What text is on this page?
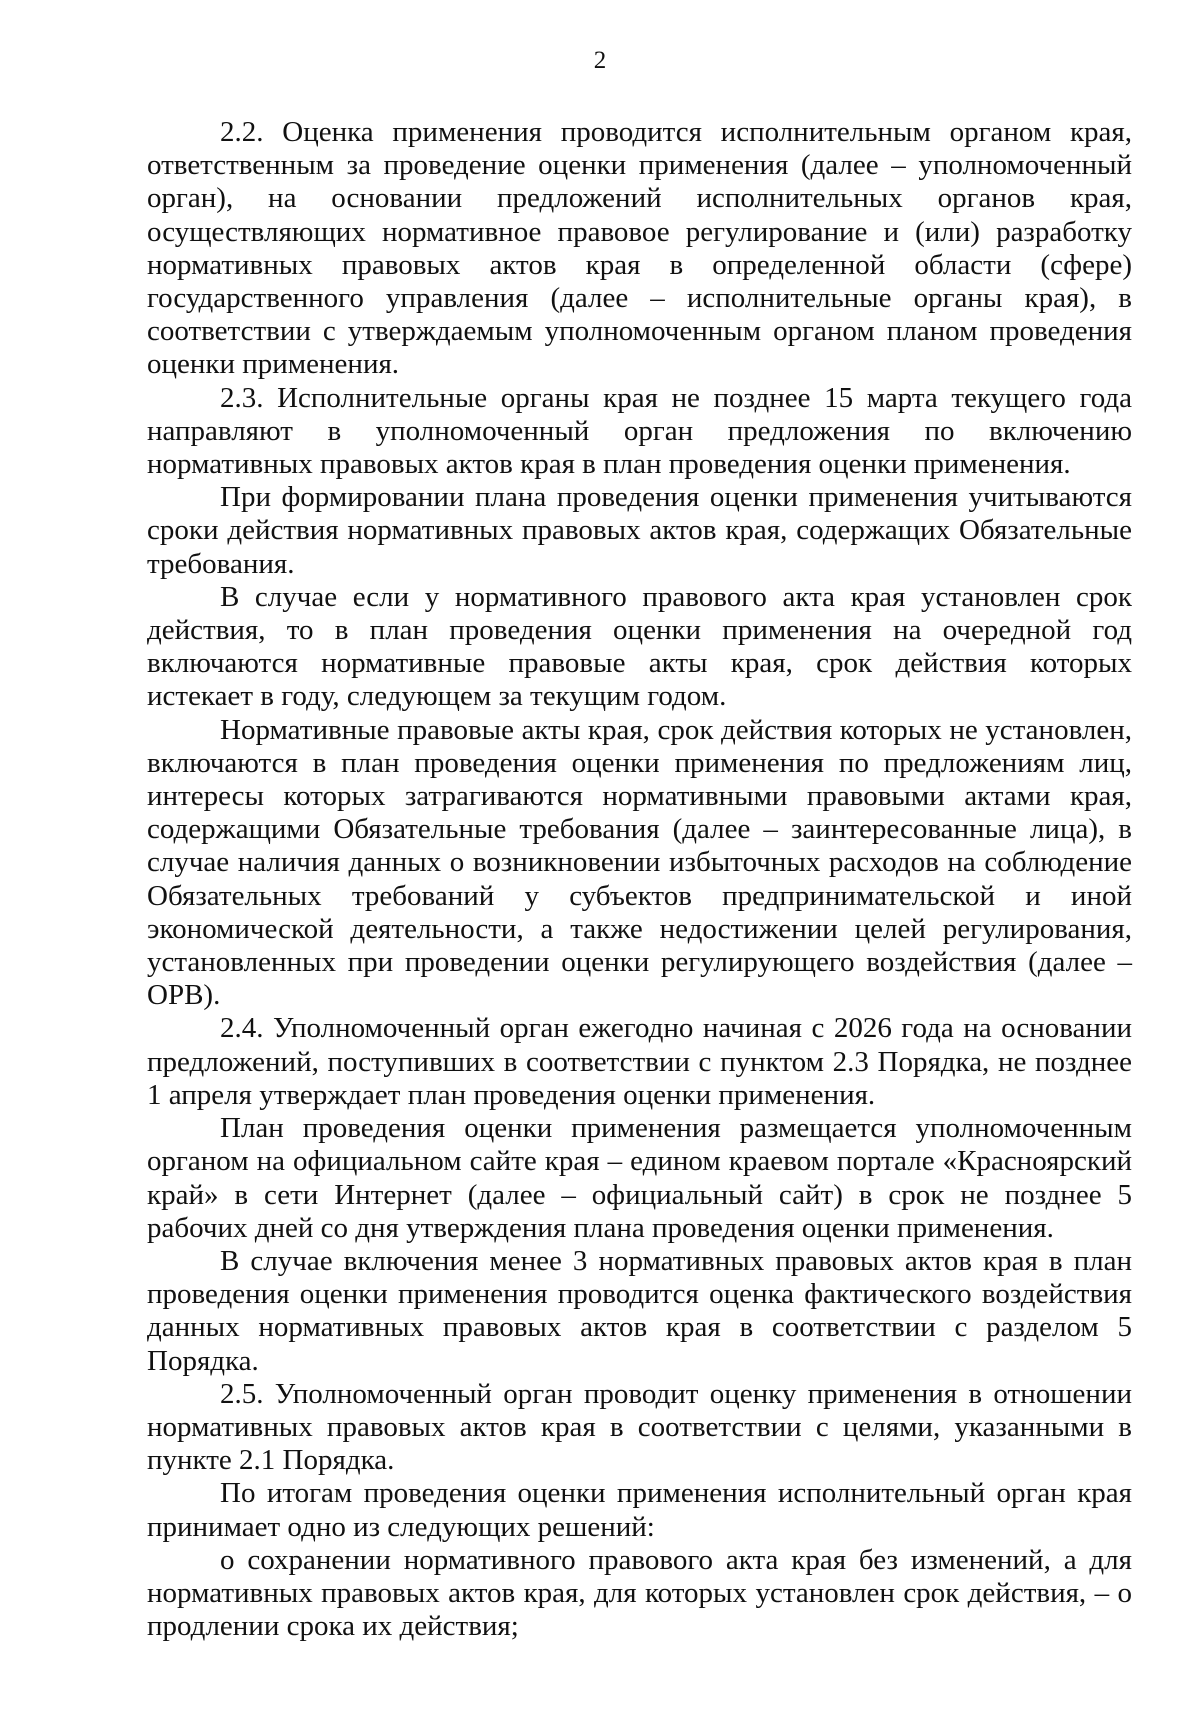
2

2.2. Оценка применения проводится исполнительным органом края, ответственным за проведение оценки применения (далее – уполномоченный орган), на основании предложений исполнительных органов края, осуществляющих нормативное правовое регулирование и (или) разработку нормативных правовых актов края в определенной области (сфере) государственного управления (далее – исполнительные органы края), в соответствии с утверждаемым уполномоченным органом планом проведения оценки применения.

2.3. Исполнительные органы края не позднее 15 марта текущего года направляют в уполномоченный орган предложения по включению нормативных правовых актов края в план проведения оценки применения.

При формировании плана проведения оценки применения учитываются сроки действия нормативных правовых актов края, содержащих Обязательные требования.

В случае если у нормативного правового акта края установлен срок действия, то в план проведения оценки применения на очередной год включаются нормативные правовые акты края, срок действия которых истекает в году, следующем за текущим годом.

Нормативные правовые акты края, срок действия которых не установлен, включаются в план проведения оценки применения по предложениям лиц, интересы которых затрагиваются нормативными правовыми актами края, содержащими Обязательные требования (далее – заинтересованные лица), в случае наличия данных о возникновении избыточных расходов на соблюдение Обязательных требований у субъектов предпринимательской и иной экономической деятельности, а также недостижении целей регулирования, установленных при проведении оценки регулирующего воздействия (далее – ОРВ).

2.4. Уполномоченный орган ежегодно начиная с 2026 года на основании предложений, поступивших в соответствии с пунктом 2.3 Порядка, не позднее 1 апреля утверждает план проведения оценки применения.

План проведения оценки применения размещается уполномоченным органом на официальном сайте края – едином краевом портале «Красноярский край» в сети Интернет (далее – официальный сайт) в срок не позднее 5 рабочих дней со дня утверждения плана проведения оценки применения.

В случае включения менее 3 нормативных правовых актов края в план проведения оценки применения проводится оценка фактического воздействия данных нормативных правовых актов края в соответствии с разделом 5 Порядка.

2.5. Уполномоченный орган проводит оценку применения в отношении нормативных правовых актов края в соответствии с целями, указанными в пункте 2.1 Порядка.

По итогам проведения оценки применения исполнительный орган края принимает одно из следующих решений:

о сохранении нормативного правового акта края без изменений, а для нормативных правовых актов края, для которых установлен срок действия, – о продлении срока их действия;
